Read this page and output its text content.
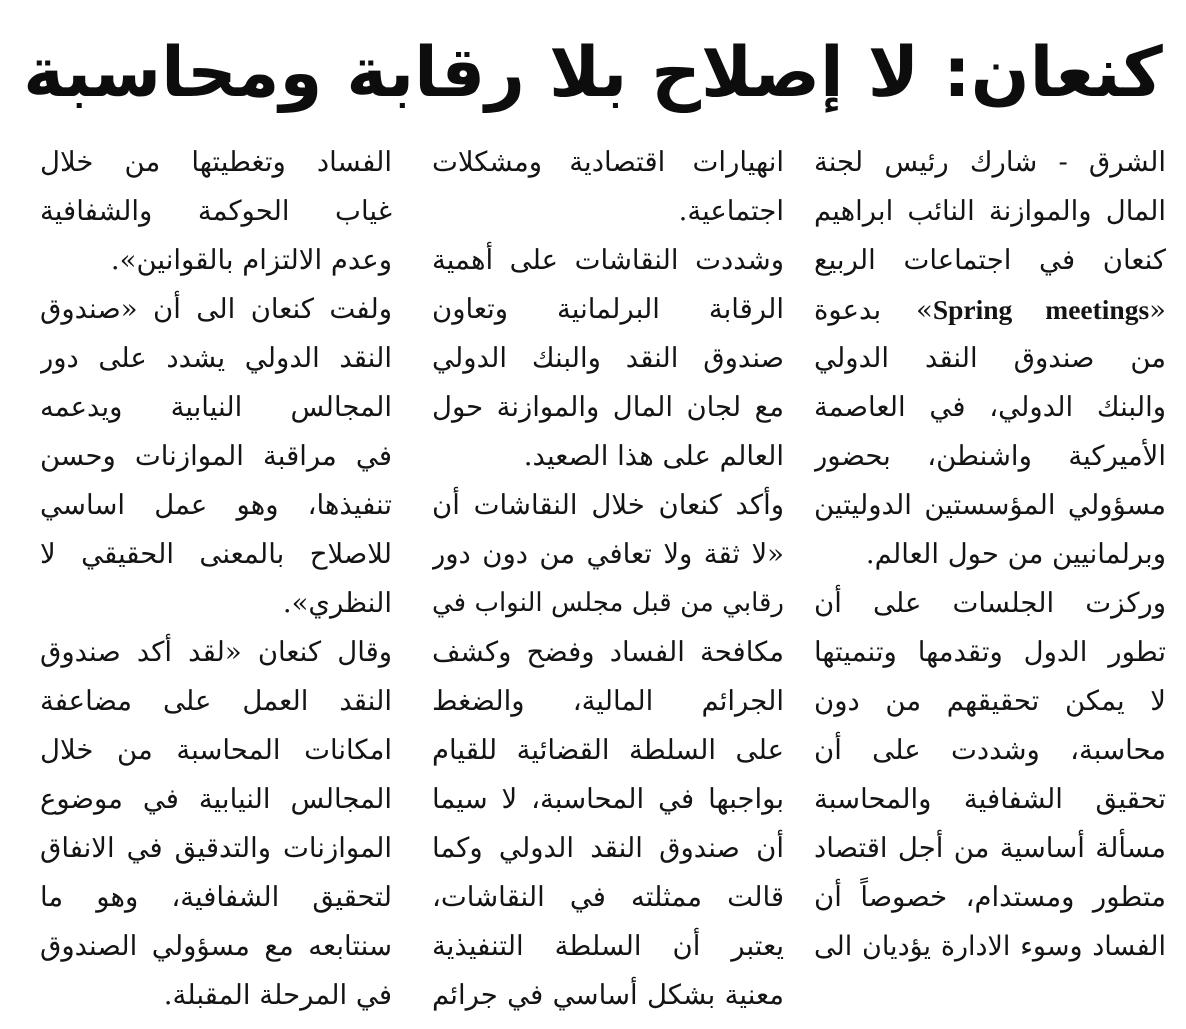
كنعان: لا إصلاح بلا رقابة ومحاسبة
الشرق - شارك رئيس لجنة
المال والموازنة النائب ابراهيم
كنعان في اجتماعات الربيع
«Spring meetings» بدعوة
من صندوق النقد الدولي
والبنك الدولي، في العاصمة
الأميركية واشنطن، بحضور
مسؤولي المؤسستين الدوليتين
وبرلمانيين من حول العالم.
وركزت الجلسات على أن
تطور الدول وتقدمها وتنميتها
لا يمكن تحقيقهم من دون
محاسبة، وشددت على أن
تحقيق الشفافية والمحاسبة
مسألة أساسية من أجل اقتصاد
متطور ومستدام، خصوصاً أن
الفساد وسوء الادارة يؤديان الى
انهيارات اقتصادية ومشكلات
اجتماعية.
وشددت النقاشات على أهمية
الرقابة البرلمانية وتعاون
صندوق النقد والبنك الدولي
مع لجان المال والموازنة حول
العالم على هذا الصعيد.
وأكد كنعان خلال النقاشات أن
«لا ثقة ولا تعافي من دون دور
رقابي من قبل مجلس النواب في
مكافحة الفساد وفضح وكشف
الجرائم المالية، والضغط
على السلطة القضائية للقيام
بواجبها في المحاسبة، لا سيما
أن صندوق النقد الدولي وكما
قالت ممثلته في النقاشات،
يعتبر أن السلطة التنفيذية
معنية بشكل أساسي في جرائم
الفساد وتغطيتها من خلال
غياب الحوكمة والشفافية
وعدم الالتزام بالقوانين».
ولفت كنعان الى أن «صندوق
النقد الدولي يشدد على دور
المجالس النيابية ويدعمه
في مراقبة الموازنات وحسن
تنفيذها، وهو عمل اساسي
للاصلاح بالمعنى الحقيقي لا
النظري».
وقال كنعان «لقد أكد صندوق
النقد العمل على مضاعفة
امكانات المحاسبة من خلال
المجالس النيابية في موضوع
الموازنات والتدقيق في الانفاق
لتحقيق الشفافية، وهو ما
سنتابعه مع مسؤولي الصندوق
في المرحلة المقبلة.
